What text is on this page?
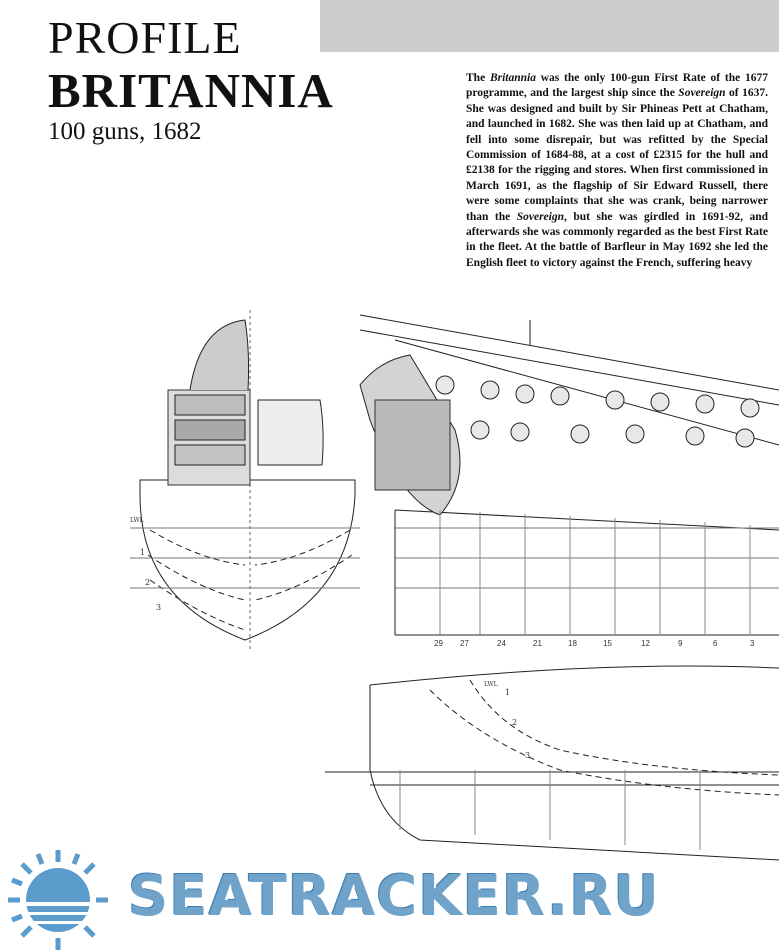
PROFILE
BRITANNIA
100 guns, 1682
The Britannia was the only 100-gun First Rate of the 1677 programme, and the largest ship since the Sovereign of 1637. She was designed and built by Sir Phineas Pett at Chatham, and launched in 1682. She was then laid up at Chatham, and fell into some disrepair, but was refitted by the Special Commission of 1684-88, at a cost of £2315 for the hull and £2138 for the rigging and stores. When first commissioned in March 1691, as the flagship of Sir Edward Russell, there were some complaints that she was crank, being narrower than the Sovereign, but she was girdled in 1691-92, and afterwards she was commonly regarded as the best First Rate in the fleet. At the battle of Barfleur in May 1692 she led the English fleet to victory against the French, suffering heavy
LWL
1
2
3
LWL
1
2
3
29 27	24	21	18	15	12	9	6	3
SEATRACKER.RU
